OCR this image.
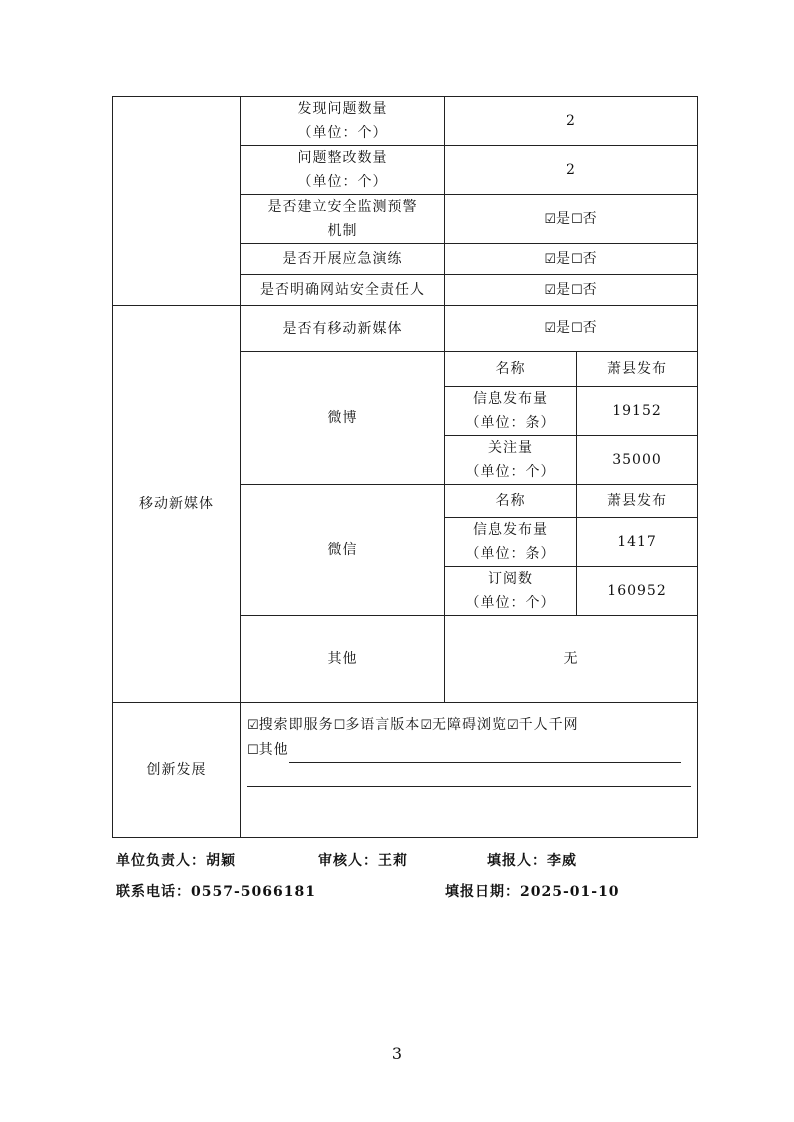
	发现问题数量
（单位：个）	2	

	问题整改数量
（单位：个）	2	

	是否建立安全监测预警
机制	☑是☐否	
	是否开展应急演练	☑是☐否	
	是否明确网站安全责任人	☑是☐否	
移动新媒体	是否有移动新媒体	☑是☐否	
	微博	名称	萧县发布

		信息发布量
（单位：条）	19152

		关注量
（单位：个）	35000
	微信	名称	萧县发布

		信息发布量
（单位：条）	1417

		订阅数
（单位：个）	160952
	其他	无	
创新发展	☑搜索即服务☐多语言版本☑无障碍浏览☑千人千网
☐其他		
单位负责人：胡颖	审核人：王莉	填报人：李威
联系电话：0557-5066181	填报日期：2025-01-10
3
